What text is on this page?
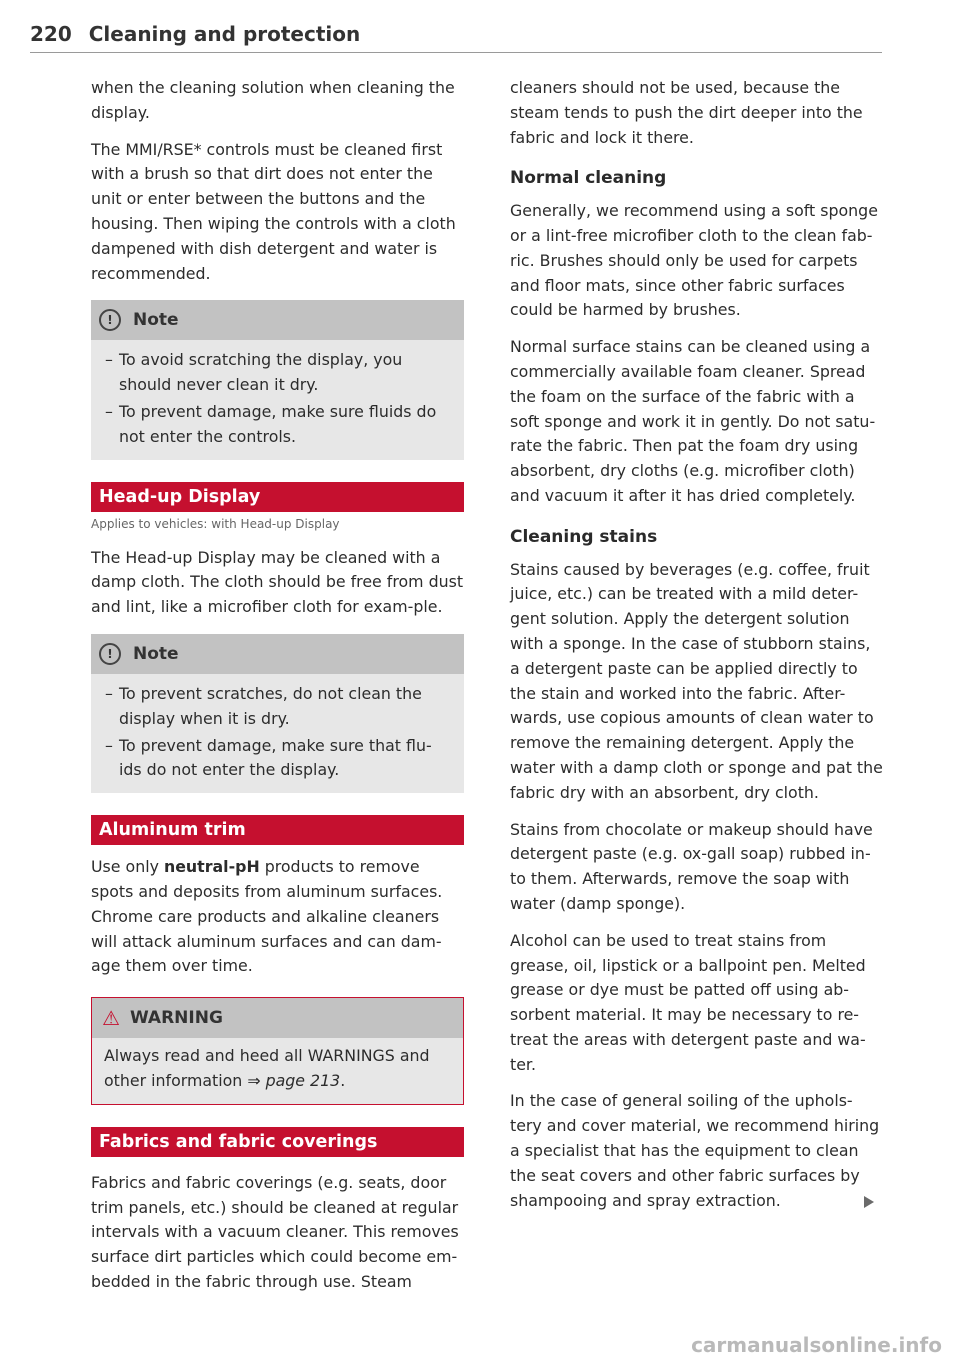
220 Cleaning and protection

when the cleaning solution when cleaning the display.

The MMI/RSE* controls must be cleaned first with a brush so that dirt does not enter the unit or enter between the buttons and the housing. Then wiping the controls with a cloth dampened with dish detergent and water is recommended.

!	Note
– To avoid scratching the display, you should never clean it dry.
– To prevent damage, make sure fluids do not enter the controls.
Head-up Display
Applies to vehicles: with Head-up Display

The Head-up Display may be cleaned with a damp cloth. The cloth should be free from dust and lint, like a microfiber cloth for exam-ple.

!	Note
– To prevent scratches, do not clean the display when it is dry.
– To prevent damage, make sure that flu-ids do not enter the display.
Aluminum trim

Use only neutral-pH products to remove spots and deposits from aluminum surfaces. Chrome care products and alkaline cleaners will attack aluminum surfaces and can dam-age them over time.

⚠ WARNING
Always read and heed all WARNINGS and other information ⇒ page 213.
Fabrics and fabric coverings

Fabrics and fabric coverings (e.g. seats, door trim panels, etc.) should be cleaned at regular intervals with a vacuum cleaner. This removes surface dirt particles which could become em-bedded in the fabric through use. Steam

cleaners should not be used, because the steam tends to push the dirt deeper into the fabric and lock it there.

Normal cleaning

Generally, we recommend using a soft sponge or a lint-free microfiber cloth to the clean fab-ric. Brushes should only be used for carpets and floor mats, since other fabric surfaces could be harmed by brushes.

Normal surface stains can be cleaned using a commercially available foam cleaner. Spread the foam on the surface of the fabric with a soft sponge and work it in gently. Do not satu-rate the fabric. Then pat the foam dry using absorbent, dry cloths (e.g. microfiber cloth) and vacuum it after it has dried completely.

Cleaning stains

Stains caused by beverages (e.g. coffee, fruit juice, etc.) can be treated with a mild deter-gent solution. Apply the detergent solution with a sponge. In the case of stubborn stains, a detergent paste can be applied directly to the stain and worked into the fabric. After-wards, use copious amounts of clean water to remove the remaining detergent. Apply the water with a damp cloth or sponge and pat the fabric dry with an absorbent, dry cloth.

Stains from chocolate or makeup should have detergent paste (e.g. ox-gall soap) rubbed in-to them. Afterwards, remove the soap with water (damp sponge).

Alcohol can be used to treat stains from grease, oil, lipstick or a ballpoint pen. Melted grease or dye must be patted off using ab-sorbent material. It may be necessary to re-treat the areas with detergent paste and wa-ter.

In the case of general soiling of the uphols-tery and cover material, we recommend hiring a specialist that has the equipment to clean the seat covers and other fabric surfaces by shampooing and spray extraction.

carmanualsonline.info
